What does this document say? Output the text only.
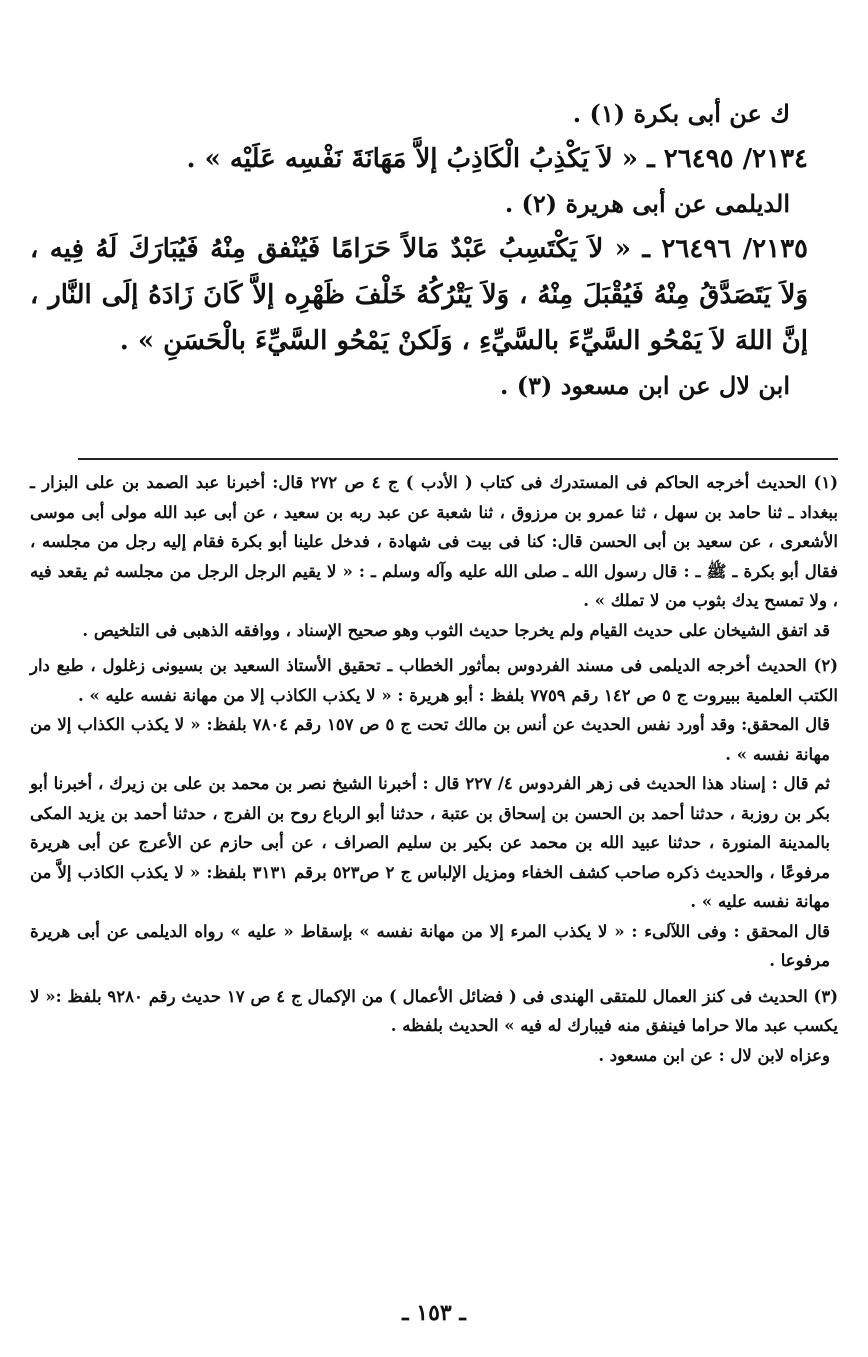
ك عن أبى بكرة (١) .
٢١٣٤/ ٢٦٤٩٥ ـ « لاَ يَكْذِبُ الْكَاذِبُ إلاَّ مَهَانَةَ نَفْسِه عَلَيْه » .
الديلمى عن أبى هريرة (٢) .
٢١٣٥/ ٢٦٤٩٦ ـ « لاَ يَكْتَسِبُ عَبْدٌ مَالاً حَرَامًا فَيُنْفق مِنْهُ فَيُبَارَكَ لَهُ فِيه ، وَلاَ يَتَصَدَّقُ مِنْهُ فَيُقْبَلَ مِنْهُ ، وَلاَ يَتْرُكُهُ خَلْفَ ظَهْرِه إلاَّ كَانَ زَادَهُ إلَى النَّار ، إنَّ اللهَ لاَ يَمْحُو السَّيِّءَ بالسَّيِّءِ ، وَلَكنْ يَمْحُو السَّيِّءَ بالْحَسَنِ » .
ابن لال عن ابن مسعود (٣) .

(١) الحديث أخرجه الحاكم فى المستدرك فى كتاب ( الأدب ) ج ٤ ص ٢٧٢ قال: أخبرنا عبد الصمد بن على البزار ـ ببغداد ـ ثنا حامد بن سهل ، ثنا عمرو بن مرزوق ، ثنا شعبة عن عبد ربه بن سعيد ، عن أبى عبد الله مولى أبى موسى الأشعرى ، عن سعيد بن أبى الحسن قال: كنا فى بيت فى شهادة ، فدخل علينا أبو بكرة فقام إليه رجل من مجلسه ، فقال أبو بكرة ـ ﷺ ـ : قال رسول الله ـ صلى الله عليه وآله وسلم ـ : « لا يقيم الرجل الرجل من مجلسه ثم يقعد فيه ، ولا تمسح يدك بثوب من لا تملك » .

قد اتفق الشيخان على حديث القيام ولم يخرجا حديث الثوب وهو صحيح الإسناد ، ووافقه الذهبى فى التلخيص .

(٢) الحديث أخرجه الديلمى فى مسند الفردوس بمأثور الخطاب ـ تحقيق الأستاذ السعيد بن بسيونى زغلول ، طبع دار الكتب العلمية ببيروت ج ٥ ص ١٤٢ رقم ٧٧٥٩ بلفظ : أبو هريرة : « لا يكذب الكاذب إلا من مهانة نفسه عليه » .

قال المحقق: وقد أورد نفس الحديث عن أنس بن مالك تحت ج ٥ ص ١٥٧ رقم ٧٨٠٤ بلفظ: « لا يكذب الكذاب إلا من مهانة نفسه » .

ثم قال : إسناد هذا الحديث فى زهر الفردوس ٤/ ٢٢٧ قال : أخبرنا الشيخ نصر بن محمد بن على بن زيرك ، أخبرنا أبو بكر بن روزبة ، حدثنا أحمد بن الحسن بن إسحاق بن عتبة ، حدثنا أبو الرباع روح بن الفرج ، حدثنا أحمد بن يزيد المكى بالمدينة المنورة ، حدثنا عبيد الله بن محمد عن بكير بن سليم الصراف ، عن أبى حازم عن الأعرج عن أبى هريرة مرفوعًا ، والحديث ذكره صاحب كشف الخفاء ومزيل الإلباس ج ٢ ص٥٢٣ برقم ٣١٣١ بلفظ: « لا يكذب الكاذب إلاَّ من مهانة نفسه عليه » .

قال المحقق : وفى اللآلىء : « لا يكذب المرء إلا من مهانة نفسه » بإسقاط « عليه » رواه الديلمى عن أبى هريرة مرفوعا .

(٣) الحديث فى كنز العمال للمتقى الهندى فى ( فضائل الأعمال ) من الإكمال ج ٤ ص ١٧ حديث رقم ٩٢٨٠ بلفظ :« لا يكسب عبد مالا حراما فينفق منه فيبارك له فيه » الحديث بلفظه .

وعزاه لابن لال : عن ابن مسعود .

ـ ١٥٣ ـ
